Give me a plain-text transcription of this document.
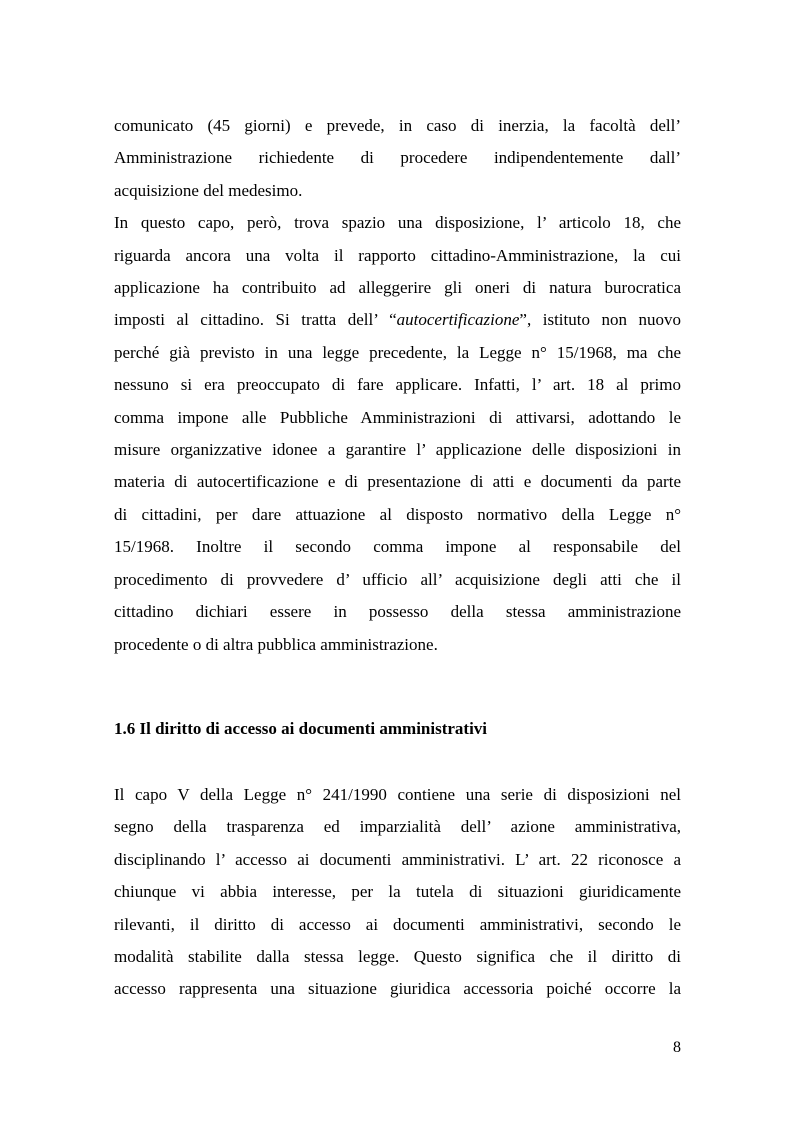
comunicato (45 giorni) e prevede, in caso di inerzia, la facoltà dell’
Amministrazione richiedente di procedere indipendentemente dall’
acquisizione del medesimo.

In questo capo, però, trova spazio una disposizione, l’ articolo 18, che
riguarda ancora una volta il rapporto cittadino-Amministrazione, la cui
applicazione ha contribuito ad alleggerire gli oneri di natura burocratica
imposti al cittadino. Si tratta dell’ “autocertificazione”, istituto non nuovo
perché già previsto in una legge precedente, la Legge n° 15/1968, ma che
nessuno si era preoccupato di fare applicare. Infatti, l’ art. 18 al primo
comma impone alle Pubbliche Amministrazioni di attivarsi, adottando le
misure organizzative idonee a garantire l’ applicazione delle disposizioni in
materia di autocertificazione e di presentazione di atti e documenti da parte
di cittadini, per dare attuazione al disposto normativo della Legge n°
15/1968. Inoltre il secondo comma impone al responsabile del
procedimento di provvedere d’ ufficio all’ acquisizione degli atti che il
cittadino dichiari essere in possesso della stessa amministrazione
procedente o di altra pubblica amministrazione.

1.6 Il diritto di accesso ai documenti amministrativi

Il capo V della Legge n° 241/1990 contiene una serie di disposizioni nel
segno della trasparenza ed imparzialità dell’ azione amministrativa,
disciplinando l’ accesso ai documenti amministrativi. L’ art. 22 riconosce a
chiunque vi abbia interesse, per la tutela di situazioni giuridicamente
rilevanti, il diritto di accesso ai documenti amministrativi, secondo le
modalità stabilite dalla stessa legge. Questo significa che il diritto di
accesso rappresenta una situazione giuridica accessoria poiché occorre la

8
